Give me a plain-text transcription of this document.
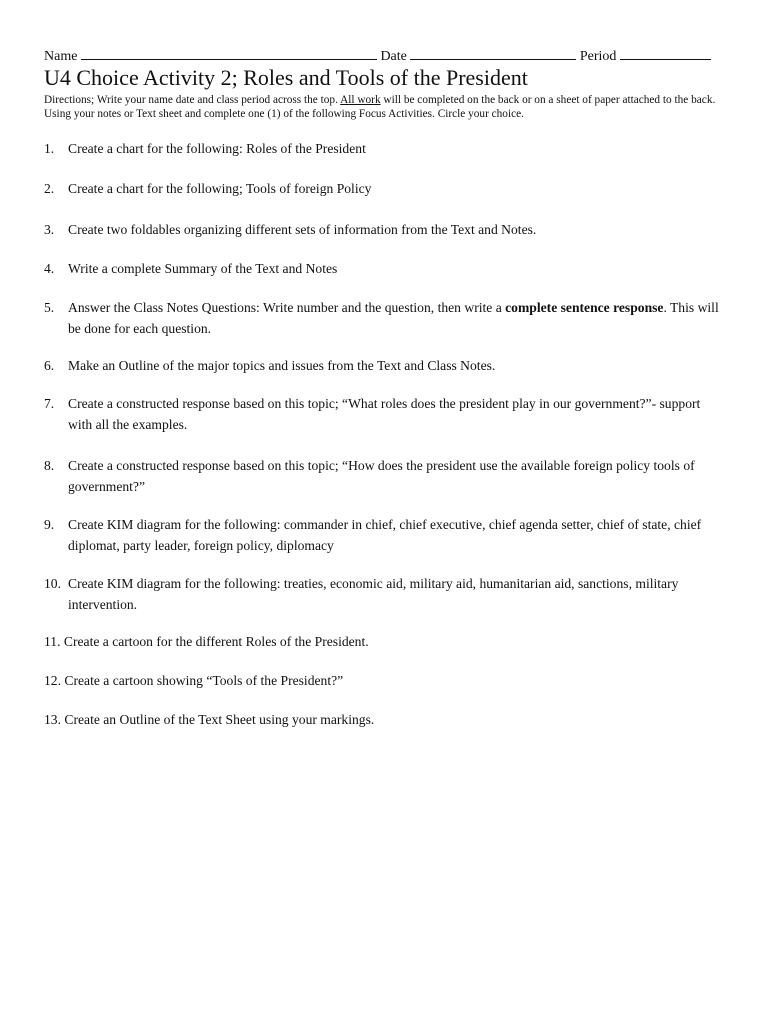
Name	Date	Period
U4 Choice Activity 2; Roles and Tools of the President

Directions; Write your name date and class period across the top. All work will be completed on the back or on a sheet of paper attached to the back. Using your notes or Text sheet and complete one (1) of the following Focus Activities. Circle your choice.

1.	Create a chart for the following: Roles of the President
2.	Create a chart for the following; Tools of foreign Policy
3.	Create two foldables organizing different sets of information from the Text and Notes.
4.	Write a complete Summary of the Text and Notes
5.	Answer the Class Notes Questions: Write number and the question, then write a complete sentence response. This will be done for each question.
6.	Make an Outline of the major topics and issues from the Text and Class Notes.
7.	Create a constructed response based on this topic; “What roles does the president play in our government?”- support with all the examples.
8.	Create a constructed response based on this topic; “How does the president use the available foreign policy tools of government?”
9.	Create KIM diagram for the following: commander in chief, chief executive, chief agenda setter, chief of state, chief diplomat, party leader, foreign policy, diplomacy
10. Create KIM diagram for the following: treaties, economic aid, military aid, humanitarian aid, sanctions, military intervention.
11. Create a cartoon for the different Roles of the President.
12. Create a cartoon showing “Tools of the President?”
13. Create an Outline of the Text Sheet using your markings.
